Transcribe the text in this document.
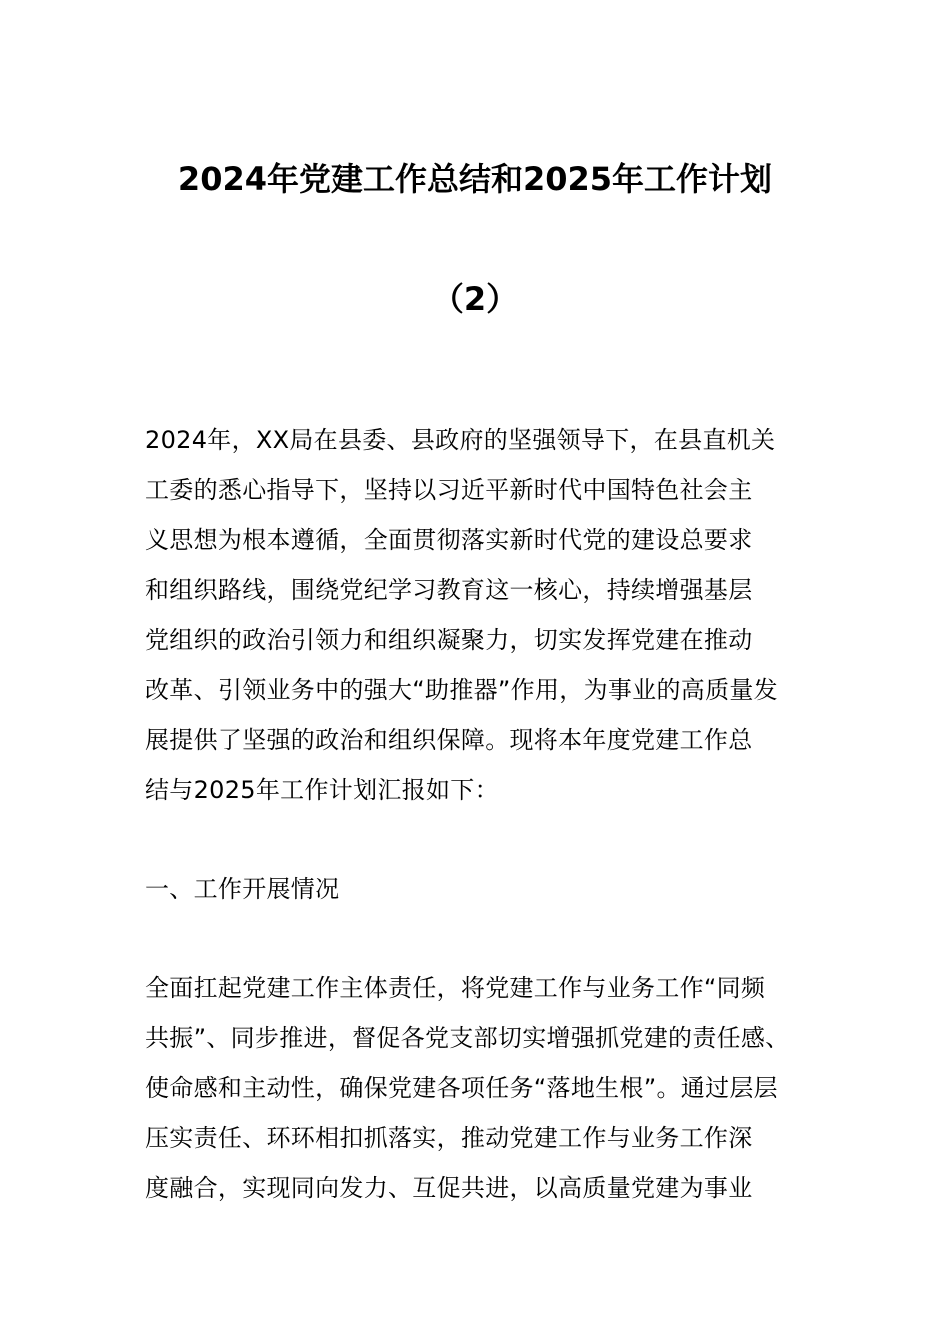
2024年党建工作总结和2025年工作计划
（2）
2024年，XX局在县委、县政府的坚强领导下，在县直机关
工委的悉心指导下，坚持以习近平新时代中国特色社会主
义思想为根本遵循，全面贯彻落实新时代党的建设总要求
和组织路线，围绕党纪学习教育这一核心，持续增强基层
党组织的政治引领力和组织凝聚力，切实发挥党建在推动
改革、引领业务中的强大“助推器”作用，为事业的高质量发
展提供了坚强的政治和组织保障。现将本年度党建工作总
结与2025年工作计划汇报如下：
一、工作开展情况
全面扛起党建工作主体责任，将党建工作与业务工作“同频
共振”、同步推进，督促各党支部切实增强抓党建的责任感、
使命感和主动性，确保党建各项任务“落地生根”。通过层层
压实责任、环环相扣抓落实，推动党建工作与业务工作深
度融合，实现同向发力、互促共进，以高质量党建为事业
